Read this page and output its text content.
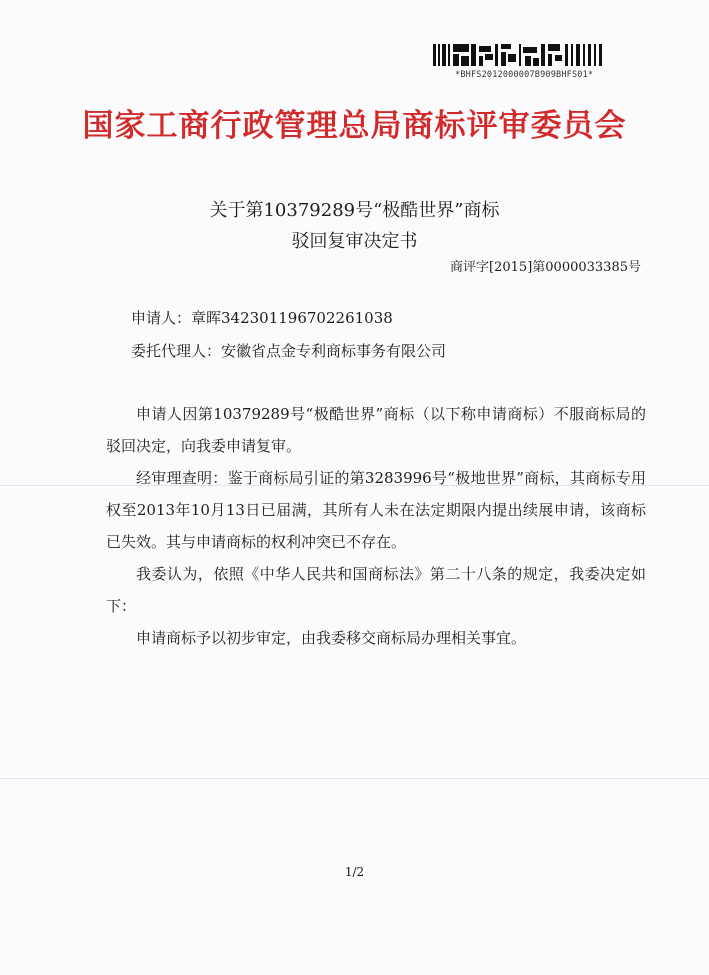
*BHFS2012000007B909BHFS01*
国家工商行政管理总局商标评审委员会
关于第10379289号“极酷世界”商标
驳回复审决定书
商评字[2015]第0000033385号
申请人：章晖342301196702261038
委托代理人：安徽省点金专利商标事务有限公司
申请人因第10379289号“极酷世界”商标（以下称申请商标）不服商标局的驳回决定，向我委申请复审。
经审理查明：鉴于商标局引证的第3283996号“极地世界”商标，其商标专用权至2013年10月13日已届满，其所有人未在法定期限内提出续展申请，该商标已失效。其与申请商标的权利冲突已不存在。
我委认为，依照《中华人民共和国商标法》第二十八条的规定，我委决定如下：
申请商标予以初步审定，由我委移交商标局办理相关事宜。
1/2
